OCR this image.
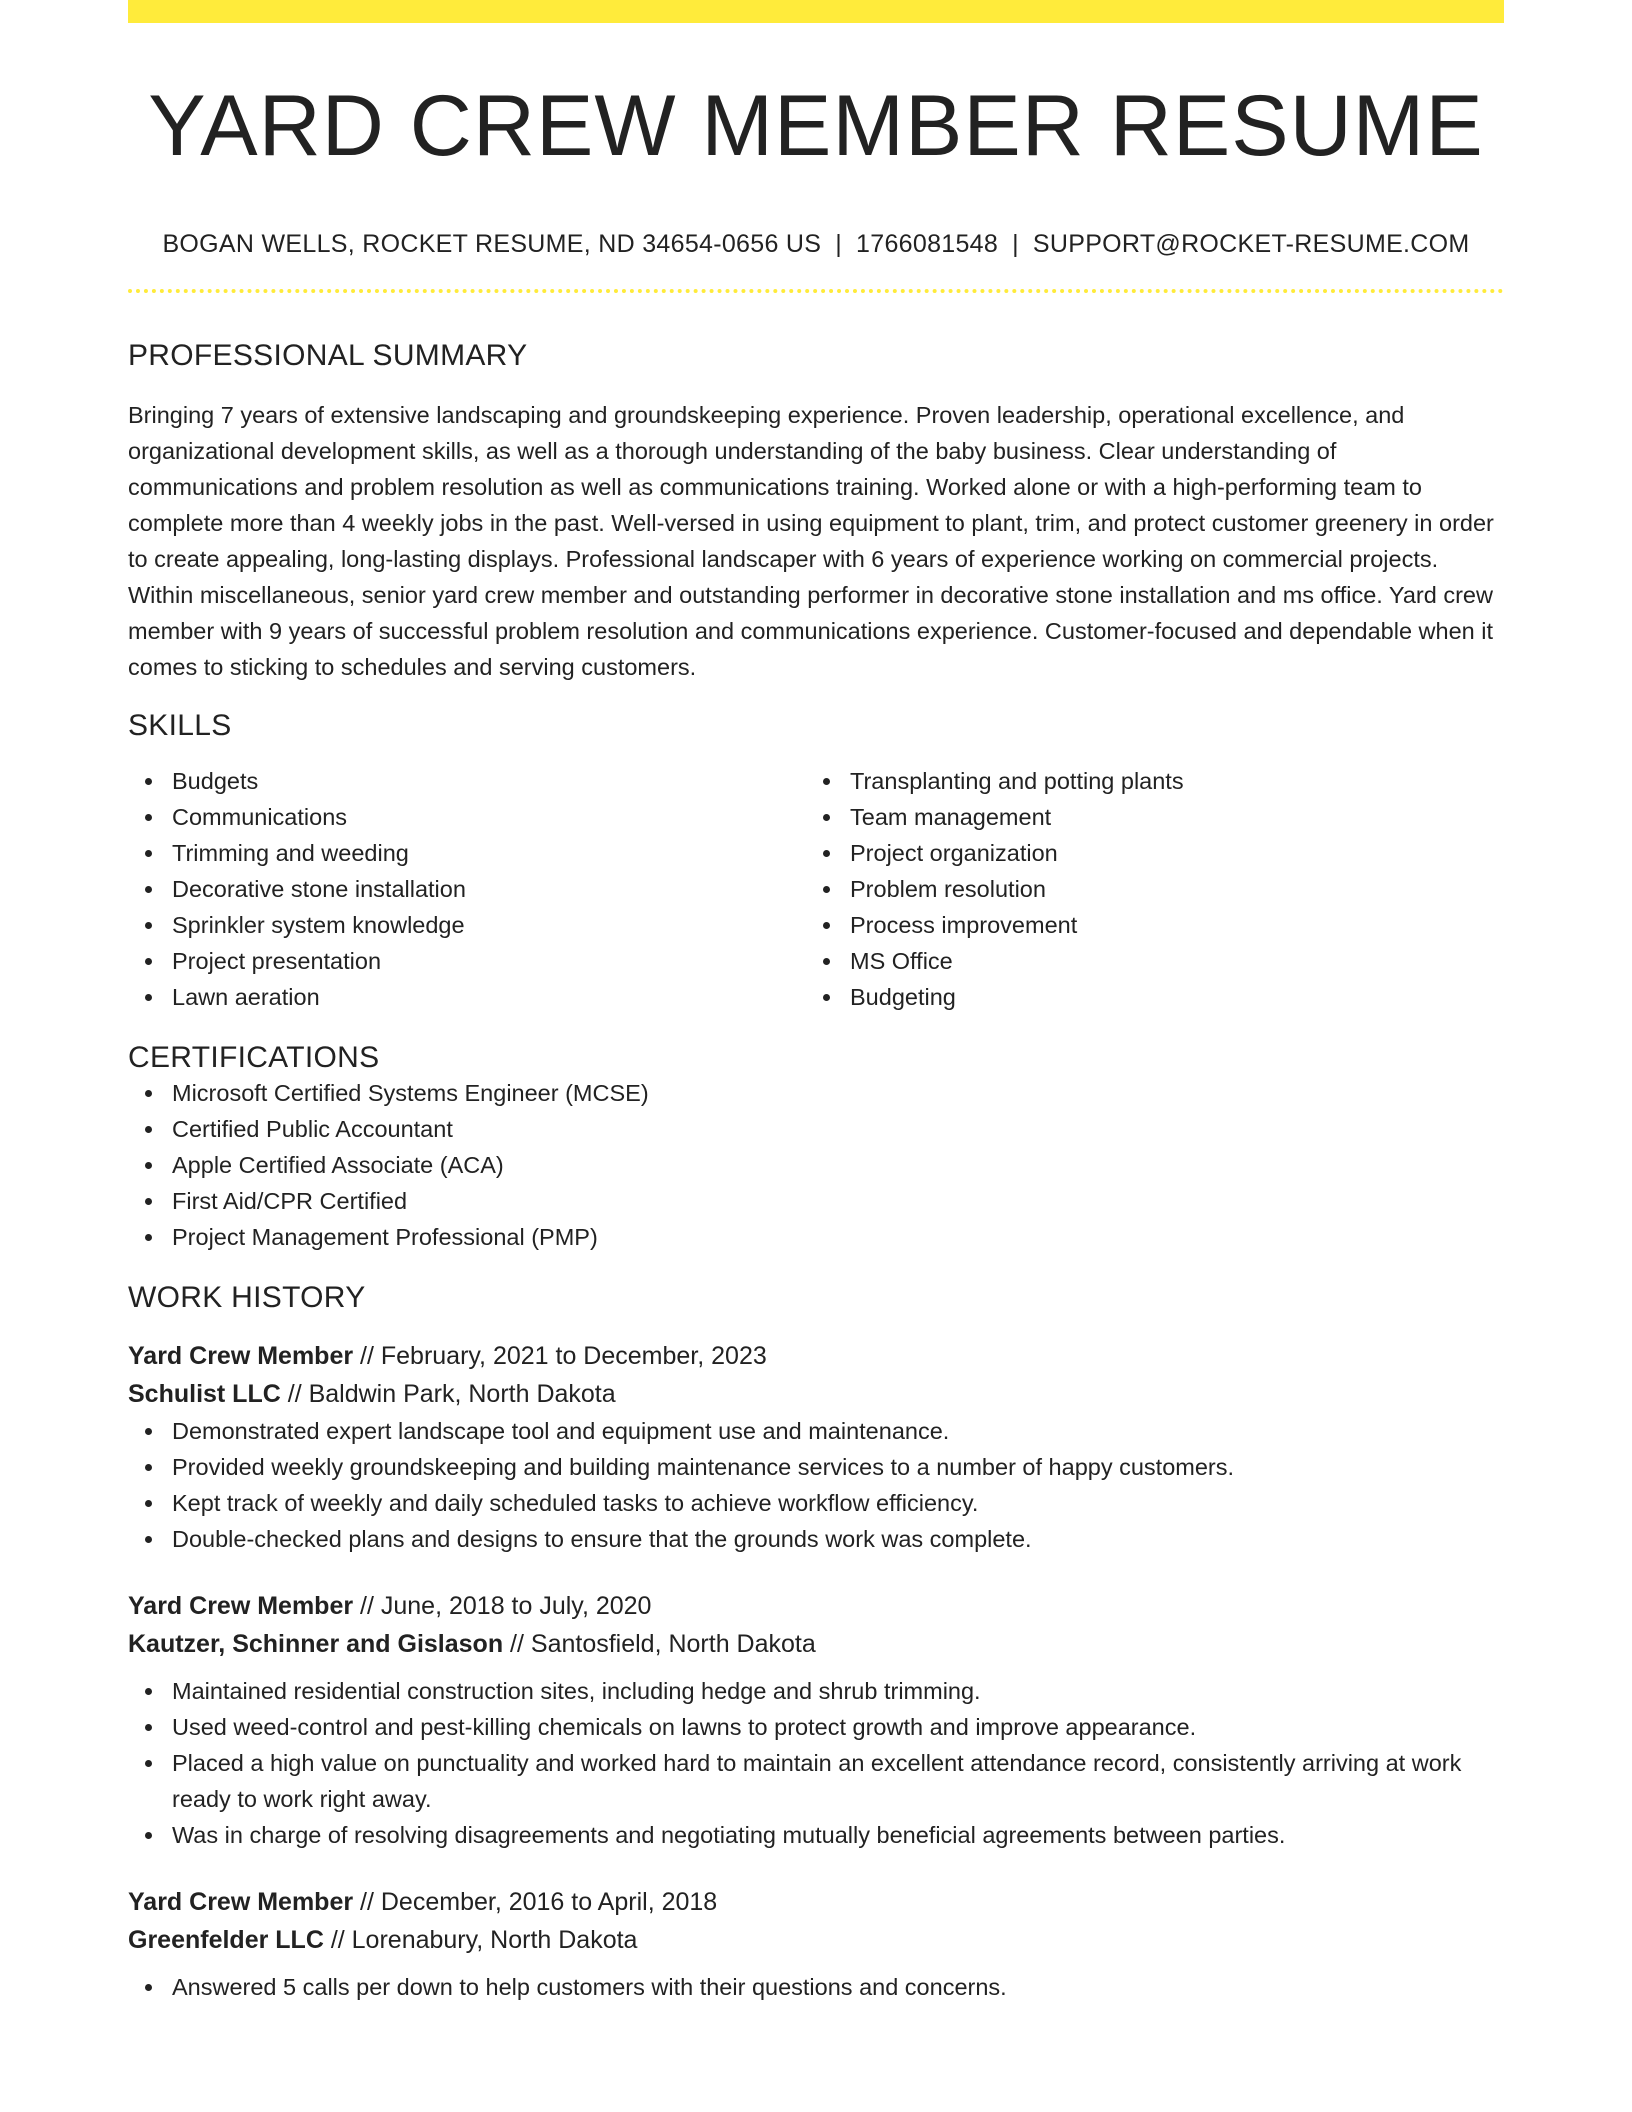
YARD CREW MEMBER RESUME
BOGAN WELLS, ROCKET RESUME, ND 34654-0656 US | 1766081548 | SUPPORT@ROCKET-RESUME.COM
PROFESSIONAL SUMMARY

Bringing 7 years of extensive landscaping and groundskeeping experience. Proven leadership, operational excellence, and organizational development skills, as well as a thorough understanding of the baby business. Clear understanding of communications and problem resolution as well as communications training. Worked alone or with a high-performing team to complete more than 4 weekly jobs in the past. Well-versed in using equipment to plant, trim, and protect customer greenery in order to create appealing, long-lasting displays. Professional landscaper with 6 years of experience working on commercial projects. Within miscellaneous, senior yard crew member and outstanding performer in decorative stone installation and ms office. Yard crew member with 9 years of successful problem resolution and communications experience. Customer-focused and dependable when it comes to sticking to schedules and serving customers.

SKILLS
Budgets
Communications
Trimming and weeding
Decorative stone installation
Sprinkler system knowledge
Project presentation
Lawn aeration
Transplanting and potting plants
Team management
Project organization
Problem resolution
Process improvement
MS Office
Budgeting
CERTIFICATIONS
Microsoft Certified Systems Engineer (MCSE)
Certified Public Accountant
Apple Certified Associate (ACA)
First Aid/CPR Certified
Project Management Professional (PMP)
WORK HISTORY
Yard Crew Member // February, 2021 to December, 2023
Schulist LLC // Baldwin Park, North Dakota
Demonstrated expert landscape tool and equipment use and maintenance.
Provided weekly groundskeeping and building maintenance services to a number of happy customers.
Kept track of weekly and daily scheduled tasks to achieve workflow efficiency.
Double-checked plans and designs to ensure that the grounds work was complete.
Yard Crew Member // June, 2018 to July, 2020
Kautzer, Schinner and Gislason // Santosfield, North Dakota
Maintained residential construction sites, including hedge and shrub trimming.
Used weed-control and pest-killing chemicals on lawns to protect growth and improve appearance.
Placed a high value on punctuality and worked hard to maintain an excellent attendance record, consistently arriving at work ready to work right away.
Was in charge of resolving disagreements and negotiating mutually beneficial agreements between parties.
Yard Crew Member // December, 2016 to April, 2018
Greenfelder LLC // Lorenabury, North Dakota
Answered 5 calls per down to help customers with their questions and concerns.
